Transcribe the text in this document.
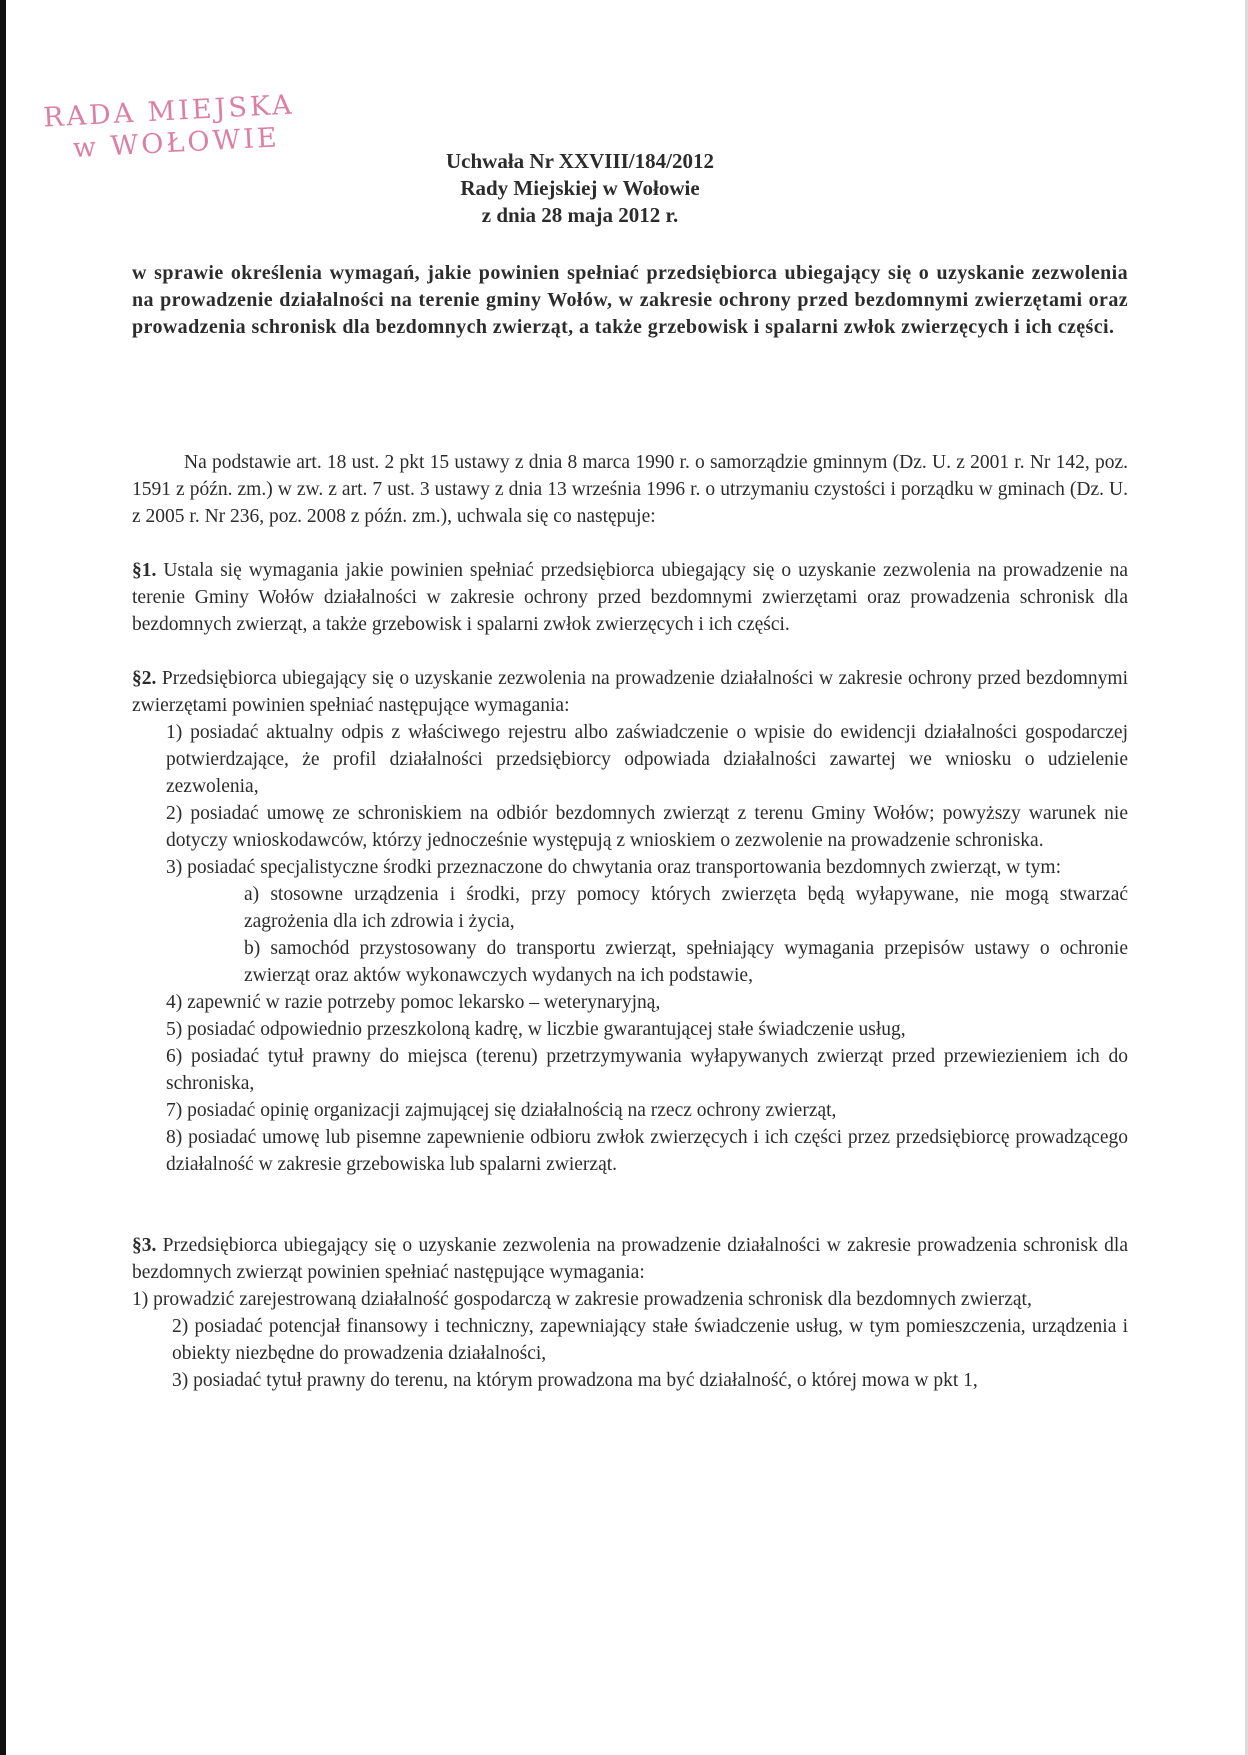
RADA MIEJSKA
w WOŁOWIE	Uchwała Nr XXVIII/184/2012
Rady Miejskiej w Wołowie
z dnia 28 maja 2012 r.
w sprawie określenia wymagań, jakie powinien spełniać przedsiębiorca ubiegający się o uzyskanie zezwolenia na prowadzenie działalności na terenie gminy Wołów, w zakresie ochrony przed bezdomnymi zwierzętami oraz prowadzenia schronisk dla bezdomnych zwierząt, a także grzebowisk i spalarni zwłok zwierzęcych i ich części.

Na podstawie art. 18 ust. 2 pkt 15 ustawy z dnia 8 marca 1990 r. o samorządzie gminnym (Dz. U. z 2001 r. Nr 142, poz. 1591 z późn. zm.) w zw. z art. 7 ust. 3 ustawy z dnia 13 września 1996 r. o utrzymaniu czystości i porządku w gminach (Dz. U. z 2005 r. Nr 236, poz. 2008 z późn. zm.), uchwala się co następuje:

§1. Ustala się wymagania jakie powinien spełniać przedsiębiorca ubiegający się o uzyskanie zezwolenia na prowadzenie na terenie Gminy Wołów działalności w zakresie ochrony przed bezdomnymi zwierzętami oraz prowadzenia schronisk dla bezdomnych zwierząt, a także grzebowisk i spalarni zwłok zwierzęcych i ich części.

§2. Przedsiębiorca ubiegający się o uzyskanie zezwolenia na prowadzenie działalności w zakresie ochrony przed bezdomnymi zwierzętami powinien spełniać następujące wymagania:

1) posiadać aktualny odpis z właściwego rejestru albo zaświadczenie o wpisie do ewidencji działalności gospodarczej potwierdzające, że profil działalności przedsiębiorcy odpowiada działalności zawartej we wniosku o udzielenie zezwolenia,

2) posiadać umowę ze schroniskiem na odbiór bezdomnych zwierząt z terenu Gminy Wołów; powyższy warunek nie dotyczy wnioskodawców, którzy jednocześnie występują z wnioskiem o zezwolenie na prowadzenie schroniska.

3) posiadać specjalistyczne środki przeznaczone do chwytania oraz transportowania bezdomnych zwierząt, w tym:

a) stosowne urządzenia i środki, przy pomocy których zwierzęta będą wyłapywane, nie mogą stwarzać zagrożenia dla ich zdrowia i życia,

b) samochód przystosowany do transportu zwierząt, spełniający wymagania przepisów ustawy o ochronie zwierząt oraz aktów wykonawczych wydanych na ich podstawie,

4) zapewnić w razie potrzeby pomoc lekarsko – weterynaryjną,

5) posiadać odpowiednio przeszkoloną kadrę, w liczbie gwarantującej stałe świadczenie usług,

6) posiadać tytuł prawny do miejsca (terenu) przetrzymywania wyłapywanych zwierząt przed przewiezieniem ich do schroniska,

7) posiadać opinię organizacji zajmującej się działalnością na rzecz ochrony zwierząt,

8) posiadać umowę lub pisemne zapewnienie odbioru zwłok zwierzęcych i ich części przez przedsiębiorcę prowadzącego działalność w zakresie grzebowiska lub spalarni zwierząt.

§3. Przedsiębiorca ubiegający się o uzyskanie zezwolenia na prowadzenie działalności w zakresie prowadzenia schronisk dla bezdomnych zwierząt powinien spełniać następujące wymagania:

1) prowadzić zarejestrowaną działalność gospodarczą w zakresie prowadzenia schronisk dla bezdomnych zwierząt,

2) posiadać potencjał finansowy i techniczny, zapewniający stałe świadczenie usług, w tym pomieszczenia, urządzenia i obiekty niezbędne do prowadzenia działalności,

3) posiadać tytuł prawny do terenu, na którym prowadzona ma być działalność, o której mowa w pkt 1,
